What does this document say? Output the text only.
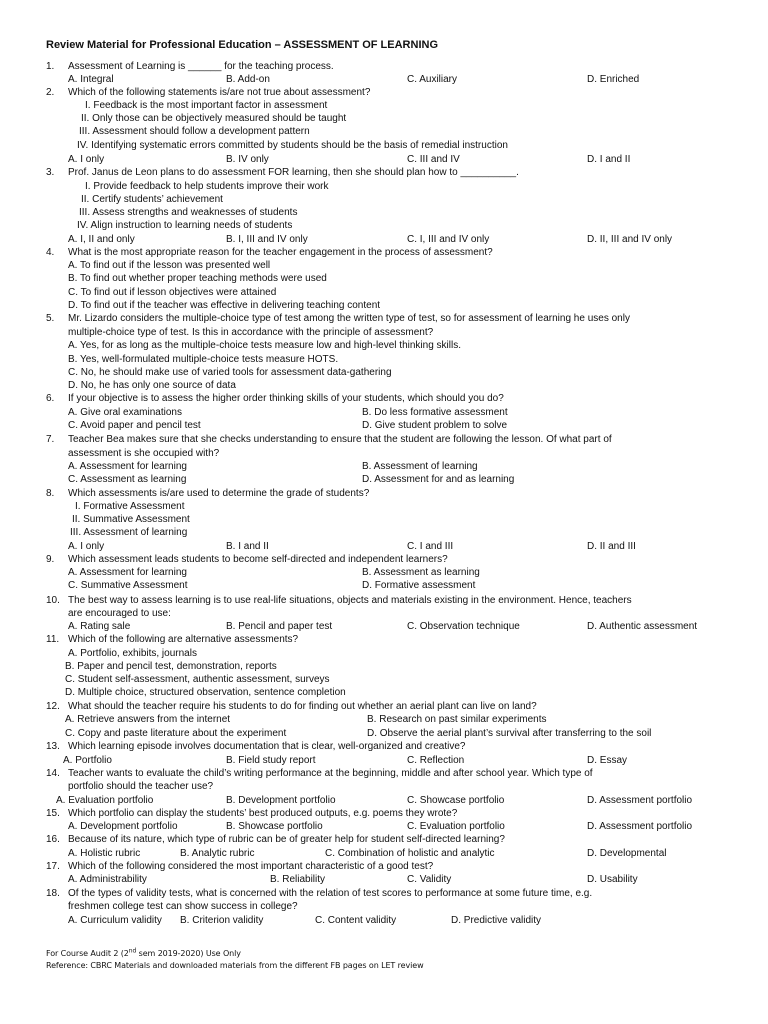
Review Material for Professional Education – ASSESSMENT OF LEARNING
1. Assessment of Learning is ______ for the teaching process.
A. Integral	B. Add-on	C. Auxiliary	D. Enriched
2. Which of the following statements is/are not true about assessment?
I. Feedback is the most important factor in assessment
II. Only those can be objectively measured should be taught
III. Assessment should follow a development pattern
IV. Identifying systematic errors committed by students should be the basis of remedial instruction
A. I only	B. IV only	C. III and IV	D. I and II
3. Prof. Janus de Leon plans to do assessment FOR learning, then she should plan how to __________.
I. Provide feedback to help students improve their work
II. Certify students’ achievement
III. Assess strengths and weaknesses of students
IV. Align instruction to learning needs of students
A. I, II and only	B. I, III and IV only	C. I, III and IV only	D. II, III and IV only
4. What is the most appropriate reason for the teacher engagement in the process of assessment?
A. To find out if the lesson was presented well
B. To find out whether proper teaching methods were used
C. To find out if lesson objectives were attained
D. To find out if the teacher was effective in delivering teaching content
5. Mr. Lizardo considers the multiple-choice type of test among the written type of test, so for assessment of learning he uses only
multiple-choice type of test. Is this in accordance with the principle of assessment?
A. Yes, for as long as the multiple-choice tests measure low and high-level thinking skills.
B. Yes, well-formulated multiple-choice tests measure HOTS.
C. No, he should make use of varied tools for assessment data-gathering
D. No, he has only one source of data
6. If your objective is to assess the higher order thinking skills of your students, which should you do?
A. Give oral examinations	B. Do less formative assessment
C. Avoid paper and pencil test	D. Give student problem to solve
7. Teacher Bea makes sure that she checks understanding to ensure that the student are following the lesson. Of what part of
assessment is she occupied with?
A. Assessment for learning	B. Assessment of learning
C. Assessment as learning	D. Assessment for and as learning
8. Which assessments is/are used to determine the grade of students?
I. Formative Assessment
II. Summative Assessment
III. Assessment of learning
A. I only	B. I and II	C. I and III	D. II and III
9. Which assessment leads students to become self-directed and independent learners?
A. Assessment for learning	B. Assessment as learning
C. Summative Assessment	D. Formative assessment
10. The best way to assess learning is to use real-life situations, objects and materials existing in the environment. Hence, teachers
are encouraged to use:
A. Rating sale	B. Pencil and paper test	C. Observation technique	D. Authentic assessment
11. Which of the following are alternative assessments?
A. Portfolio, exhibits, journals
B. Paper and pencil test, demonstration, reports
C. Student self-assessment, authentic assessment, surveys
D. Multiple choice, structured observation, sentence completion
12. What should the teacher require his students to do for finding out whether an aerial plant can live on land?
A. Retrieve answers from the internet	B. Research on past similar experiments
C. Copy and paste literature about the experiment	D. Observe the aerial plant’s survival after transferring to the soil
13. Which learning episode involves documentation that is clear, well-organized and creative?
A. Portfolio	B. Field study report	C. Reflection	D. Essay
14. Teacher wants to evaluate the child’s writing performance at the beginning, middle and after school year. Which type of
portfolio should the teacher use?
A. Evaluation portfolio	B. Development portfolio	C. Showcase portfolio	D. Assessment portfolio
15. Which portfolio can display the students’ best produced outputs, e.g. poems they wrote?
A. Development portfolio	B. Showcase portfolio	C. Evaluation portfolio	D. Assessment portfolio
16. Because of its nature, which type of rubric can be of greater help for student self-directed learning?
A. Holistic rubric	B. Analytic rubric	C. Combination of holistic and analytic	D. Developmental
17. Which of the following considered the most important characteristic of a good test?
A. Administrability	B. Reliability	C. Validity	D. Usability
18. Of the types of validity tests, what is concerned with the relation of test scores to performance at some future time, e.g.
freshmen college test can show success in college?
A. Curriculum validity B. Criterion validity	C. Content validity	D. Predictive validity
For Course Audit 2 (2nd sem 2019-2020) Use Only
Reference: CBRC Materials and downloaded materials from the different FB pages on LET review
